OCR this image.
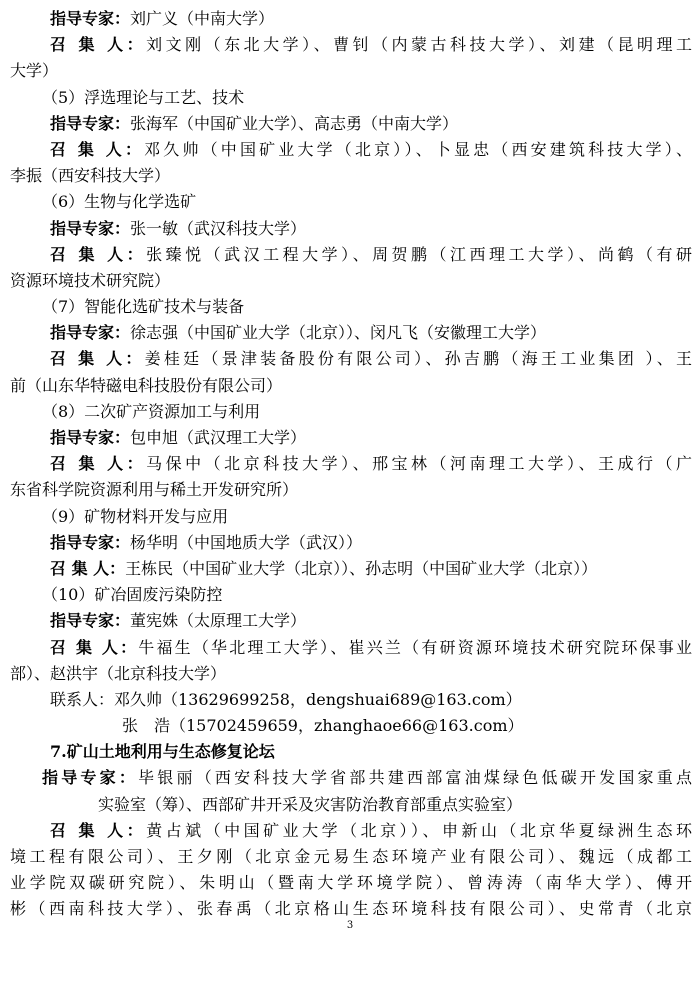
指导专家：刘广义（中南大学）
召 集 人：刘文刚（东北大学）、曹钊（内蒙古科技大学）、刘建（昆明理工
大学）
（5）浮选理论与工艺、技术
指导专家：张海军（中国矿业大学）、高志勇（中南大学）
召 集 人：邓久帅（中国矿业大学（北京））、卜显忠（西安建筑科技大学）、
李振（西安科技大学）
（6）生物与化学选矿
指导专家：张一敏（武汉科技大学）
召 集 人：张臻悦（武汉工程大学）、周贺鹏（江西理工大学）、尚鹤（有研
资源环境技术研究院）
（7）智能化选矿技术与装备
指导专家：徐志强（中国矿业大学（北京））、闵凡飞（安徽理工大学）
召 集 人：姜桂廷（景津装备股份有限公司）、孙吉鹏（海王工业集团 ）、王
前（山东华特磁电科技股份有限公司）
（8）二次矿产资源加工与利用
指导专家：包申旭（武汉理工大学）
召 集 人：马保中（北京科技大学）、邢宝林（河南理工大学）、王成行（广
东省科学院资源利用与稀土开发研究所）
（9）矿物材料开发与应用
指导专家：杨华明（中国地质大学（武汉））
召 集 人：王栋民（中国矿业大学（北京））、孙志明（中国矿业大学（北京））
（10）矿冶固废污染防控
指导专家：董宪姝（太原理工大学）
召 集 人：牛福生（华北理工大学）、崔兴兰（有研资源环境技术研究院环保事业
部）、赵洪宇（北京科技大学）
联系人：邓久帅（13629699258，dengshuai689@163.com）
张　浩（15702459659，zhanghaoe66@163.com）
7.矿山土地利用与生态修复论坛
指导专家：毕银丽（西安科技大学省部共建西部富油煤绿色低碳开发国家重点
实验室（筹）、西部矿井开采及灾害防治教育部重点实验室）
召 集 人：黄占斌（中国矿业大学（北京））、申新山（北京华夏绿洲生态环
境工程有限公司）、王夕刚（北京金元易生态环境产业有限公司）、魏远（成都工
业学院双碳研究院）、朱明山（暨南大学环境学院）、曾涛涛（南华大学）、傅开
彬（西南科技大学）、张春禹（北京格山生态环境科技有限公司）、史常青（北京
3
